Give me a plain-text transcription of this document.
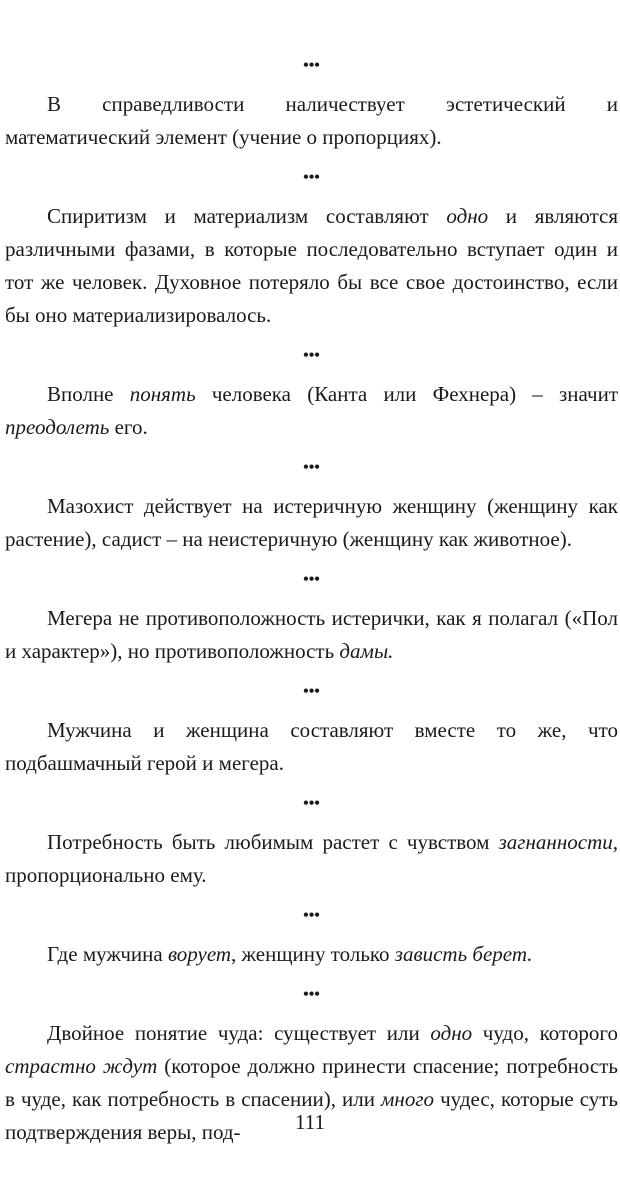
•••

В справедливости наличествует эстетический и математический элемент (учение о пропорциях).

•••

Спиритизм и материализм составляют одно и являются различными фазами, в которые последовательно вступает один и тот же человек. Духовное потеряло бы все свое достоинство, если бы оно материализировалось.

•••

Вполне понять человека (Канта или Фехнера) – значит преодолеть его.

•••

Мазохист действует на истеричную женщину (женщину как растение), садист – на неистеричную (женщину как животное).

•••

Мегера не противоположность истерички, как я полагал («Пол и характер»), но противоположность дамы.

•••

Мужчина и женщина составляют вместе то же, что подбашмачный герой и мегера.

•••

Потребность быть любимым растет с чувством загнанности, пропорционально ему.

•••

Где мужчина ворует, женщину только зависть берет.

•••

Двойное понятие чуда: существует или одно чудо, которого страстно ждут (которое должно принести спасение; потребность в чуде, как потребность в спасении), или много чудес, которые суть подтверждения веры, под-	111
